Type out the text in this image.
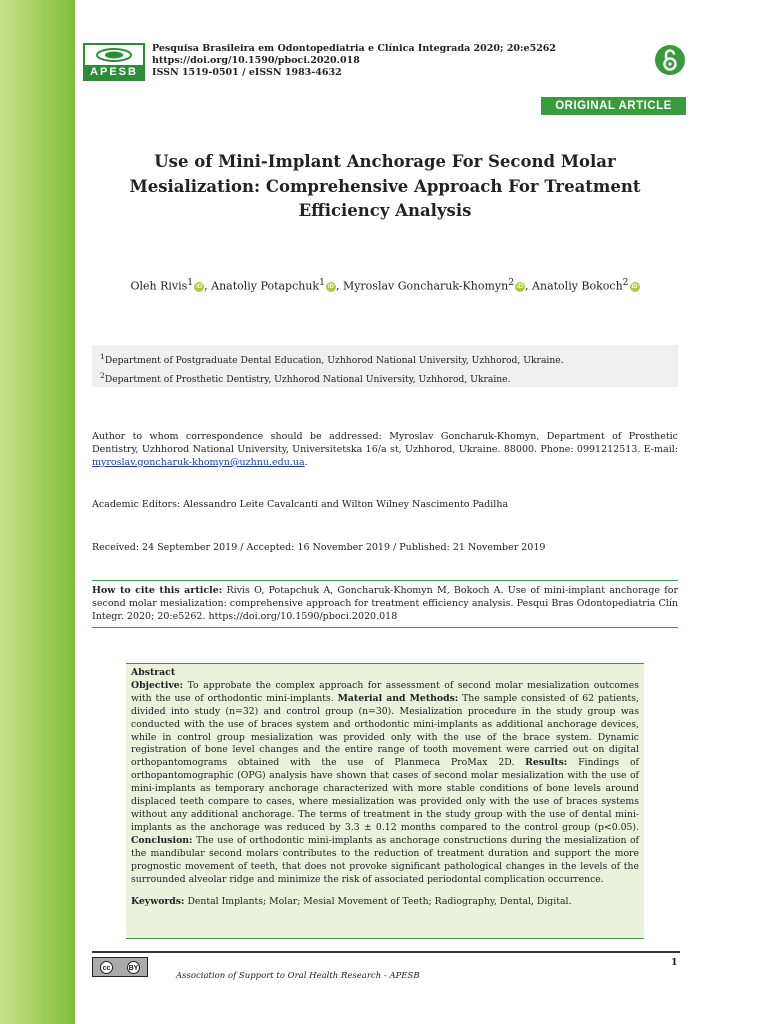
APESB
Pesquisa Brasileira em Odontopediatria e Clínica Integrada 2020; 20:e5262
https://doi.org/10.1590/pboci.2020.018
ISSN 1519-0501 / eISSN 1983-4632
ORIGINAL ARTICLE
Use of Mini-Implant Anchorage For Second Molar Mesialization: Comprehensive Approach For Treatment Efficiency Analysis
Oleh Rivis$^1$ iD , Anatoliy Potapchuk$^1$ iD , Myroslav Goncharuk-Khomyn$^2$ iD , Anatoliy Bokoch$^2$ iD
$^1$Department of Postgraduate Dental Education, Uzhhorod National University, Uzhhorod, Ukraine.
$^2$Department of Prosthetic Dentistry, Uzhhorod National University, Uzhhorod, Ukraine.
Author to whom correspondence should be addressed: Myroslav Goncharuk-Khomyn, Department of Prosthetic Dentistry, Uzhhorod National University, Universitetska 16/a st, Uzhhorod, Ukraine. 88000. Phone: 0991212513. E-mail: myroslav.goncharuk-khomyn@uzhnu.edu.ua.
Academic Editors: Alessandro Leite Cavalcanti and Wilton Wilney Nascimento Padilha
Received: 24 September 2019 / Accepted: 16 November 2019 / Published: 21 November 2019
How to cite this article: Rivis O, Potapchuk A, Goncharuk-Khomyn M, Bokoch A. Use of mini-implant anchorage for second molar mesialization: comprehensive approach for treatment efficiency analysis. Pesqui Bras Odontopediatria Clín Integr. 2020; 20:e5262. https://doi.org/10.1590/pboci.2020.018
Abstract
Objective: To approbate the complex approach for assessment of second molar mesialization outcomes with the use of orthodontic mini-implants. Material and Methods: The sample consisted of 62 patients, divided into study (n=32) and control group (n=30). Mesialization procedure in the study group was conducted with the use of braces system and orthodontic mini-implants as additional anchorage devices, while in control group mesialization was provided only with the use of the brace system. Dynamic registration of bone level changes and the entire range of tooth movement were carried out on digital orthopantomograms obtained with the use of Planmeca ProMax 2D. Results: Findings of orthopantomographic (OPG) analysis have shown that cases of second molar mesialization with the use of mini-implants as temporary anchorage characterized with more stable conditions of bone levels around displaced teeth compare to cases, where mesialization was provided only with the use of braces systems without any additional anchorage. The terms of treatment in the study group with the use of dental mini-implants as the anchorage was reduced by 3.3 ± 0.12 months compared to the control group (p<0.05). Conclusion: The use of orthodontic mini-implants as anchorage constructions during the mesialization of the mandibular second molars contributes to the reduction of treatment duration and support the more prognostic movement of teeth, that does not provoke significant pathological changes in the levels of the surrounded alveolar ridge and minimize the risk of associated periodontal complication occurrence.
Keywords: Dental Implants; Molar; Mesial Movement of Teeth; Radiography, Dental, Digital.
1
cc	BY
Association of Support to Oral Health Research - APESB
